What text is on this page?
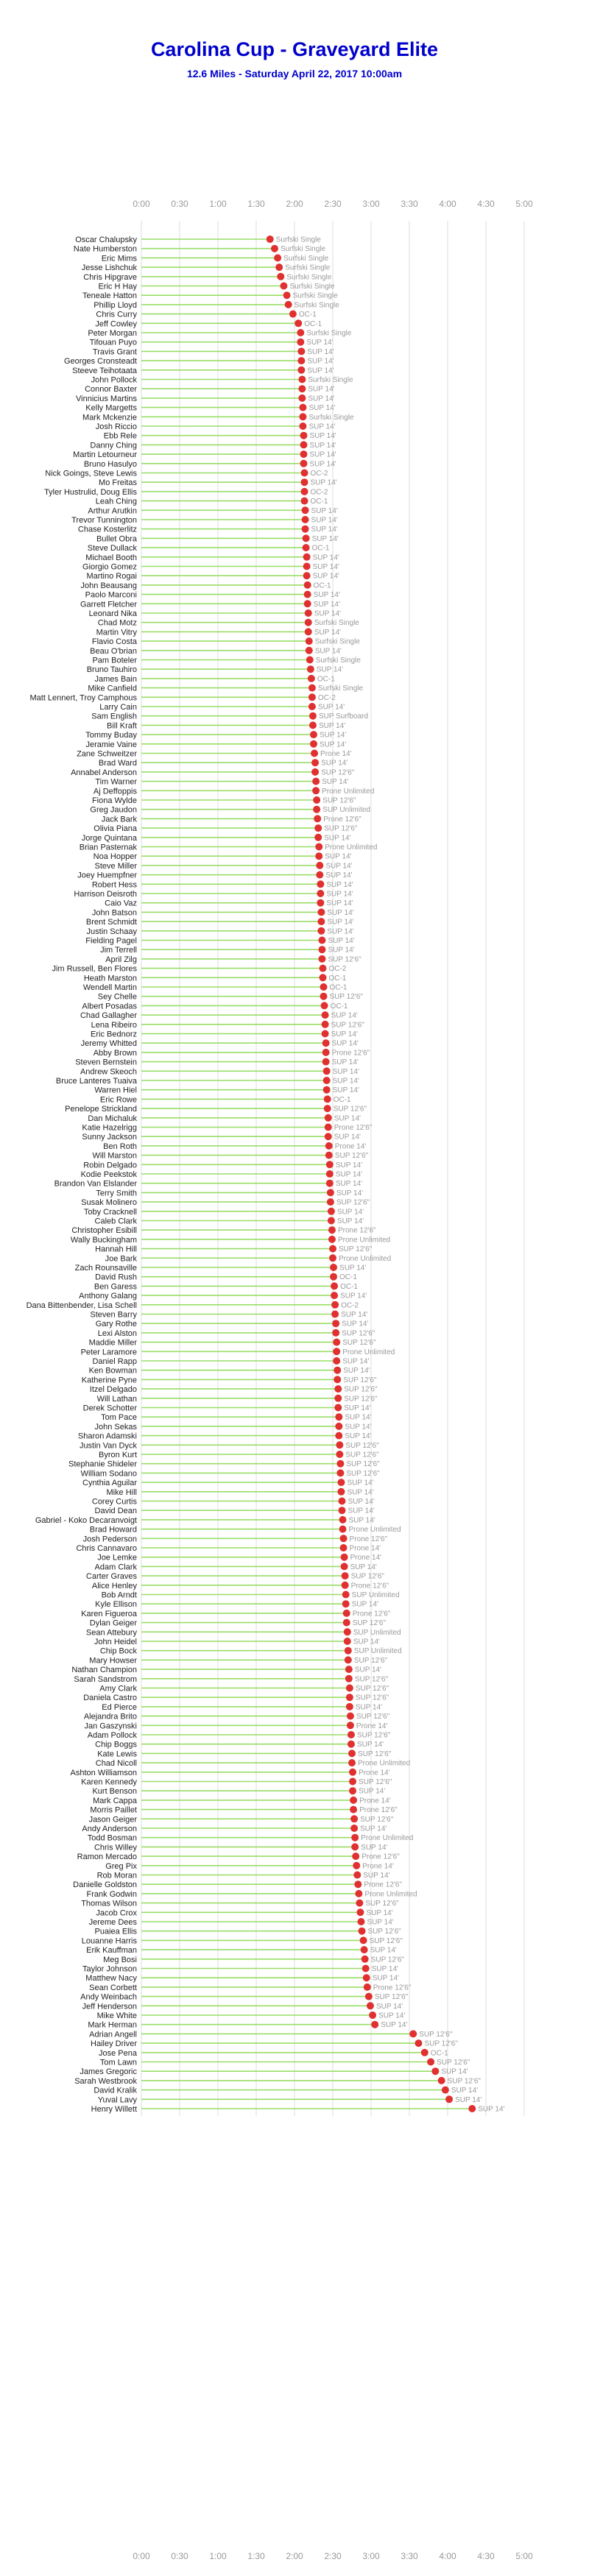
Carolina Cup - Graveyard Elite
12.6 Miles - Saturday April 22, 2017 10:00am
0:00 0:30 1:00 1:30 2:00 2:30 3:00 3:30 4:00 4:30 5:00
0:00 0:30 1:00 1:30 2:00 2:30 3:00 3:30 4:00 4:30 5:00
Oscar Chalupsky	Surfski Single
Nate Humberston	Surfski Single
Eric Mims	Surfski Single
Jesse Lishchuk	Surfski Single
Chris Hipgrave	Surfski Single
Eric H Hay	Surfski Single
Teneale Hatton	Surfski Single
Phillip Lloyd	Surfski Single
Chris Curry	OC-1
Jeff Cowley	OC-1
Peter Morgan	Surfski Single
Tifouan Puyo	SUP 14'
Travis Grant	SUP 14'
Georges Cronsteadt	SUP 14'
Steeve Teihotaata	SUP 14'
John Pollock	Surfski Single
Connor Baxter	SUP 14'
Vinnicius Martins	SUP 14'
Kelly Margetts	SUP 14'
Mark Mckenzie	Surfski Single
Josh Riccio	SUP 14'
Ebb Rele	SUP 14'
Danny Ching	SUP 14'
Martin Letourneur	SUP 14'
Bruno Hasulyo	SUP 14'
Nick Goings, Steve Lewis	OC-2
Mo Freitas	SUP 14'
Tyler Hustrulid, Doug Ellis	OC-2
Leah Ching	OC-1
Arthur Arutkin	SUP 14'
Trevor Tunnington	SUP 14'
Chase Kosterlitz	SUP 14'
Bullet Obra	SUP 14'
Steve Dullack	OC-1
Michael Booth	SUP 14'
Giorgio Gomez	SUP 14'
Martino Rogai	SUP 14'
John Beausang	OC-1
Paolo Marconi	SUP 14'
Garrett Fletcher	SUP 14'
Leonard Nika	SUP 14'
Chad Motz	Surfski Single
Martin Vitry	SUP 14'
Flavio Costa	Surfski Single
Beau O'brian	SUP 14'
Pam Boteler	Surfski Single
Bruno Tauhiro	SUP 14'
James Bain	OC-1
Mike Canfield	Surfski Single
Matt Lennert, Troy Camphous	OC-2
Larry Cain	SUP 14'
Sam English	SUP Surfboard
Bill Kraft	SUP 14'
Tommy Buday	SUP 14'
Jeramie Vaine	SUP 14'
Zane Schweitzer	Prone 14'
Brad Ward	SUP 14'
Annabel Anderson	SUP 12'6"
Tim Warner	SUP 14'
Aj Deffoppis	Prone Unlimited
Fiona Wylde	SUP 12'6"
Greg Jaudon	SUP Unlimited
Jack Bark	Prone 12'6"
Olivia Piana	SUP 12'6"
Jorge Quintana	SUP 14'
Brian Pasternak	Prone Unlimited
Noa Hopper	SUP 14'
Steve Miller	SUP 14'
Joey Huempfner	SUP 14'
Robert Hess	SUP 14'
Harrison Deisroth	SUP 14'
Caio Vaz	SUP 14'
John Batson	SUP 14'
Brent Schmidt	SUP 14'
Justin Schaay	SUP 14'
Fielding Pagel	SUP 14'
Jim Terrell	SUP 14'
April Zilg	SUP 12'6"
Jim Russell, Ben Flores	OC-2
Heath Marston	OC-1
Wendell Martin	OC-1
Sey Chelle	SUP 12'6"
Albert Posadas	OC-1
Chad Gallagher	SUP 14'
Lena Ribeiro	SUP 12'6"
Eric Bednorz	SUP 14'
Jeremy Whitted	SUP 14'
Abby Brown	Prone 12'6"
Steven Bernstein	SUP 14'
Andrew Skeoch	SUP 14'
Bruce Lanteres Tuaiva	SUP 14'
Warren Hiel	SUP 14'
Eric Rowe	OC-1
Penelope Strickland	SUP 12'6"
Dan Michaluk	SUP 14'
Katie Hazelrigg	Prone 12'6"
Sunny Jackson	SUP 14'
Ben Roth	Prone 14'
Will Marston	SUP 12'6"
Robin Delgado	SUP 14'
Kodie Peekstok	SUP 14'
Brandon Van Elslander	SUP 14'
Terry Smith	SUP 14'
Susak Molinero	SUP 12'6"
Toby Cracknell	SUP 14'
Caleb Clark	SUP 14'
Christopher Esibill	Prone 12'6"
Wally Buckingham	Prone Unlimited
Hannah Hill	SUP 12'6"
Joe Bark	Prone Unlimited
Zach Rounsaville	SUP 14'
David Rush	OC-1
Ben Garess	OC-1
Anthony Galang	SUP 14'
Dana Bittenbender, Lisa Schell	OC-2
Steven Barry	SUP 14'
Gary Rothe	SUP 14'
Lexi Alston	SUP 12'6"
Maddie Miller	SUP 12'6"
Peter Laramore	Prone Unlimited
Daniel Rapp	SUP 14'
Ken Bowman	SUP 14'
Katherine Pyne	SUP 12'6"
Itzel Delgado	SUP 12'6"
Will Lathan	SUP 12'6"
Derek Schotter	SUP 14'
Tom Pace	SUP 14'
John Sekas	SUP 14'
Sharon Adamski	SUP 14'
Justin Van Dyck	SUP 12'6"
Byron Kurt	SUP 12'6"
Stephanie Shideler	SUP 12'6"
William Sodano	SUP 12'6"
Cynthia Aguilar	SUP 14'
Mike Hill	SUP 14'
Corey Curtis	SUP 14'
David Dean	SUP 14'
Gabriel - Koko Decaranvoigt	SUP 14'
Brad Howard	Prone Unlimited
Josh Pederson	Prone 12'6"
Chris Cannavaro	Prone 14'
Joe Lemke	Prone 14'
Adam Clark	SUP 14'
Carter Graves	SUP 12'6"
Alice Henley	Prone 12'6"
Bob Arndt	SUP Unlimited
Kyle Ellison	SUP 14'
Karen Figueroa	Prone 12'6"
Dylan Geiger	SUP 12'6"
Sean Attebury	SUP Unlimited
John Heidel	SUP 14'
Chip Bock	SUP Unlimited
Mary Howser	SUP 12'6"
Nathan Champion	SUP 14'
Sarah Sandstrom	SUP 12'6"
Amy Clark	SUP 12'6"
Daniela Castro	SUP 12'6"
Ed Pierce	SUP 14'
Alejandra Brito	SUP 12'6"
Jan Gaszynski	Prone 14'
Adam Pollock	SUP 12'6"
Chip Boggs	SUP 14'
Kate Lewis	SUP 12'6"
Chad Nicoll	Prone Unlimited
Ashton Williamson	Prone 14'
Karen Kennedy	SUP 12'6"
Kurt Benson	SUP 14'
Mark Cappa	Prone 14'
Morris Paillet	Prone 12'6"
Jason Geiger	SUP 12'6"
Andy Anderson	SUP 14'
Todd Bosman	Prone Unlimited
Chris Willey	SUP 14'
Ramon Mercado	Prone 12'6"
Greg Pix	Prone 14'
Rob Moran	SUP 14'
Danielle Goldston	Prone 12'6"
Frank Godwin	Prone Unlimited
Thomas Wilson	SUP 12'6"
Jacob Crox	SUP 14'
Jereme Dees	SUP 14'
Puaiea Ellis	SUP 12'6"
Louanne Harris	SUP 12'6"
Erik Kauffman	SUP 14'
Meg Bosi	SUP 12'6"
Taylor Johnson	SUP 14'
Matthew Nacy	SUP 14'
Sean Corbett	Prone 12'6"
Andy Weinbach	SUP 12'6"
Jeff Henderson	SUP 14'
Mike White	SUP 14'
Mark Herman	SUP 14'
Adrian Angell	SUP 12'6"
Hailey Driver	SUP 12'6"
Jose Pena	OC-1
Tom Lawn	SUP 12'6"
James Gregoric	SUP 14'
Sarah Westbrook	SUP 12'6"
David Kralik	SUP 14'
Yuval Lavy	SUP 14'
Henry Willett	SUP 14'
